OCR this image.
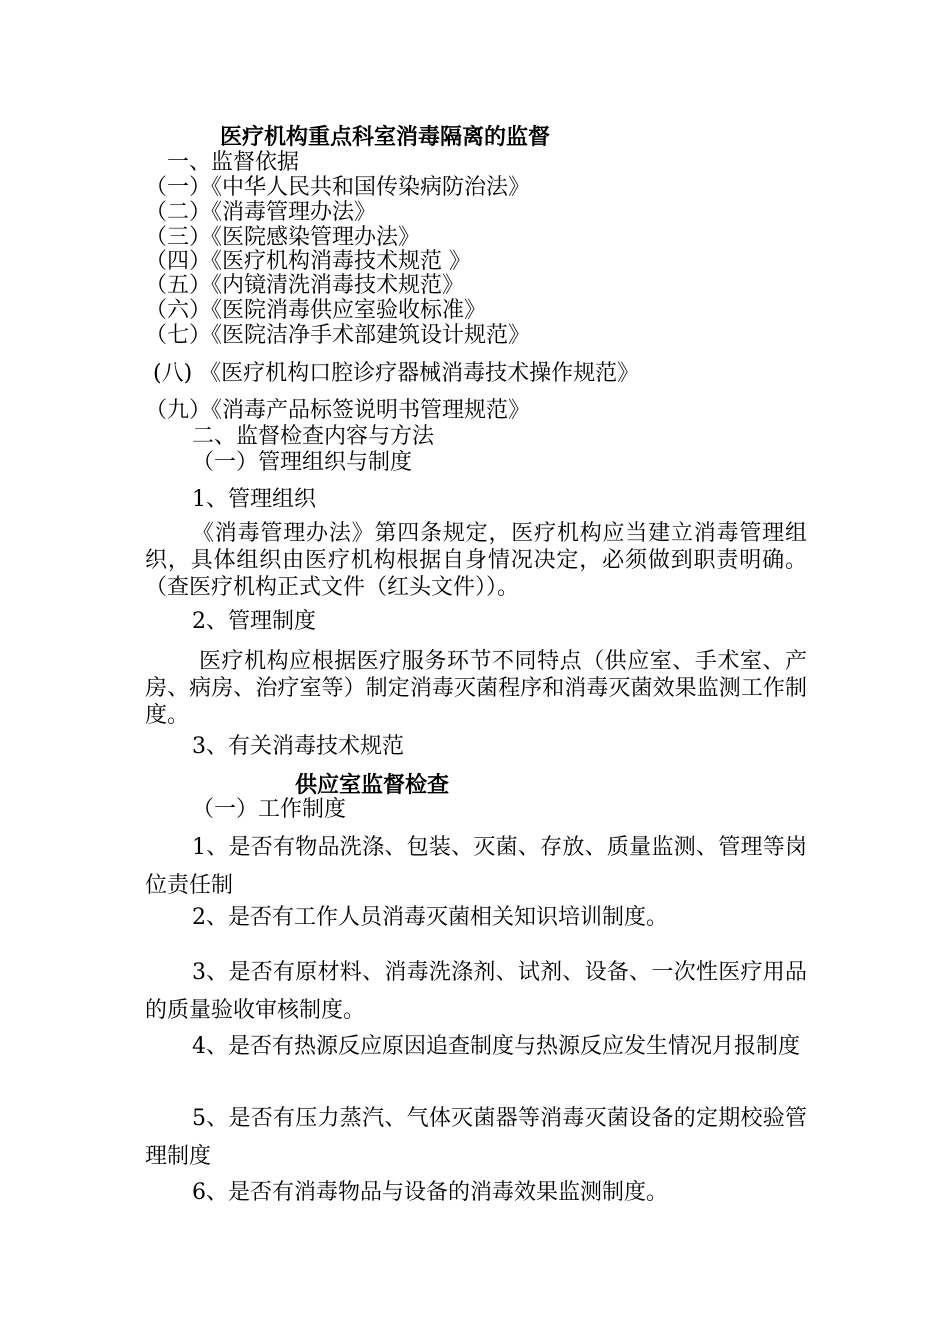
医疗机构重点科室消毒隔离的监督
一、监督依据
（一）《中华人民共和国传染病防治法》
（二）《消毒管理办法》
（三）《医院感染管理办法》
（四）《医疗机构消毒技术规范 》
（五）《内镜清洗消毒技术规范》
（六）《医院消毒供应室验收标准》
（七）《医院洁净手术部建筑设计规范》
(八) 《医疗机构口腔诊疗器械消毒技术操作规范》
（九）《消毒产品标签说明书管理规范》
二、监督检查内容与方法
（一）管理组织与制度
1、管理组织
《消毒管理办法》第四条规定，医疗机构应当建立消毒管理组织，具体组织由医疗机构根据自身情况决定，必须做到职责明确。（查医疗机构正式文件（红头文件））。
2、管理制度
医疗机构应根据医疗服务环节不同特点（供应室、手术室、产房、病房、治疗室等）制定消毒灭菌程序和消毒灭菌效果监测工作制度。
3、有关消毒技术规范
供应室监督检查
（一）工作制度
1、是否有物品洗涤、包装、灭菌、存放、质量监测、管理等岗位责任制
2、是否有工作人员消毒灭菌相关知识培训制度。
3、是否有原材料、消毒洗涤剂、试剂、设备、一次性医疗用品的质量验收审核制度。
4、是否有热源反应原因追查制度与热源反应发生情况月报制度
5、是否有压力蒸汽、气体灭菌器等消毒灭菌设备的定期校验管理制度
6、是否有消毒物品与设备的消毒效果监测制度。
